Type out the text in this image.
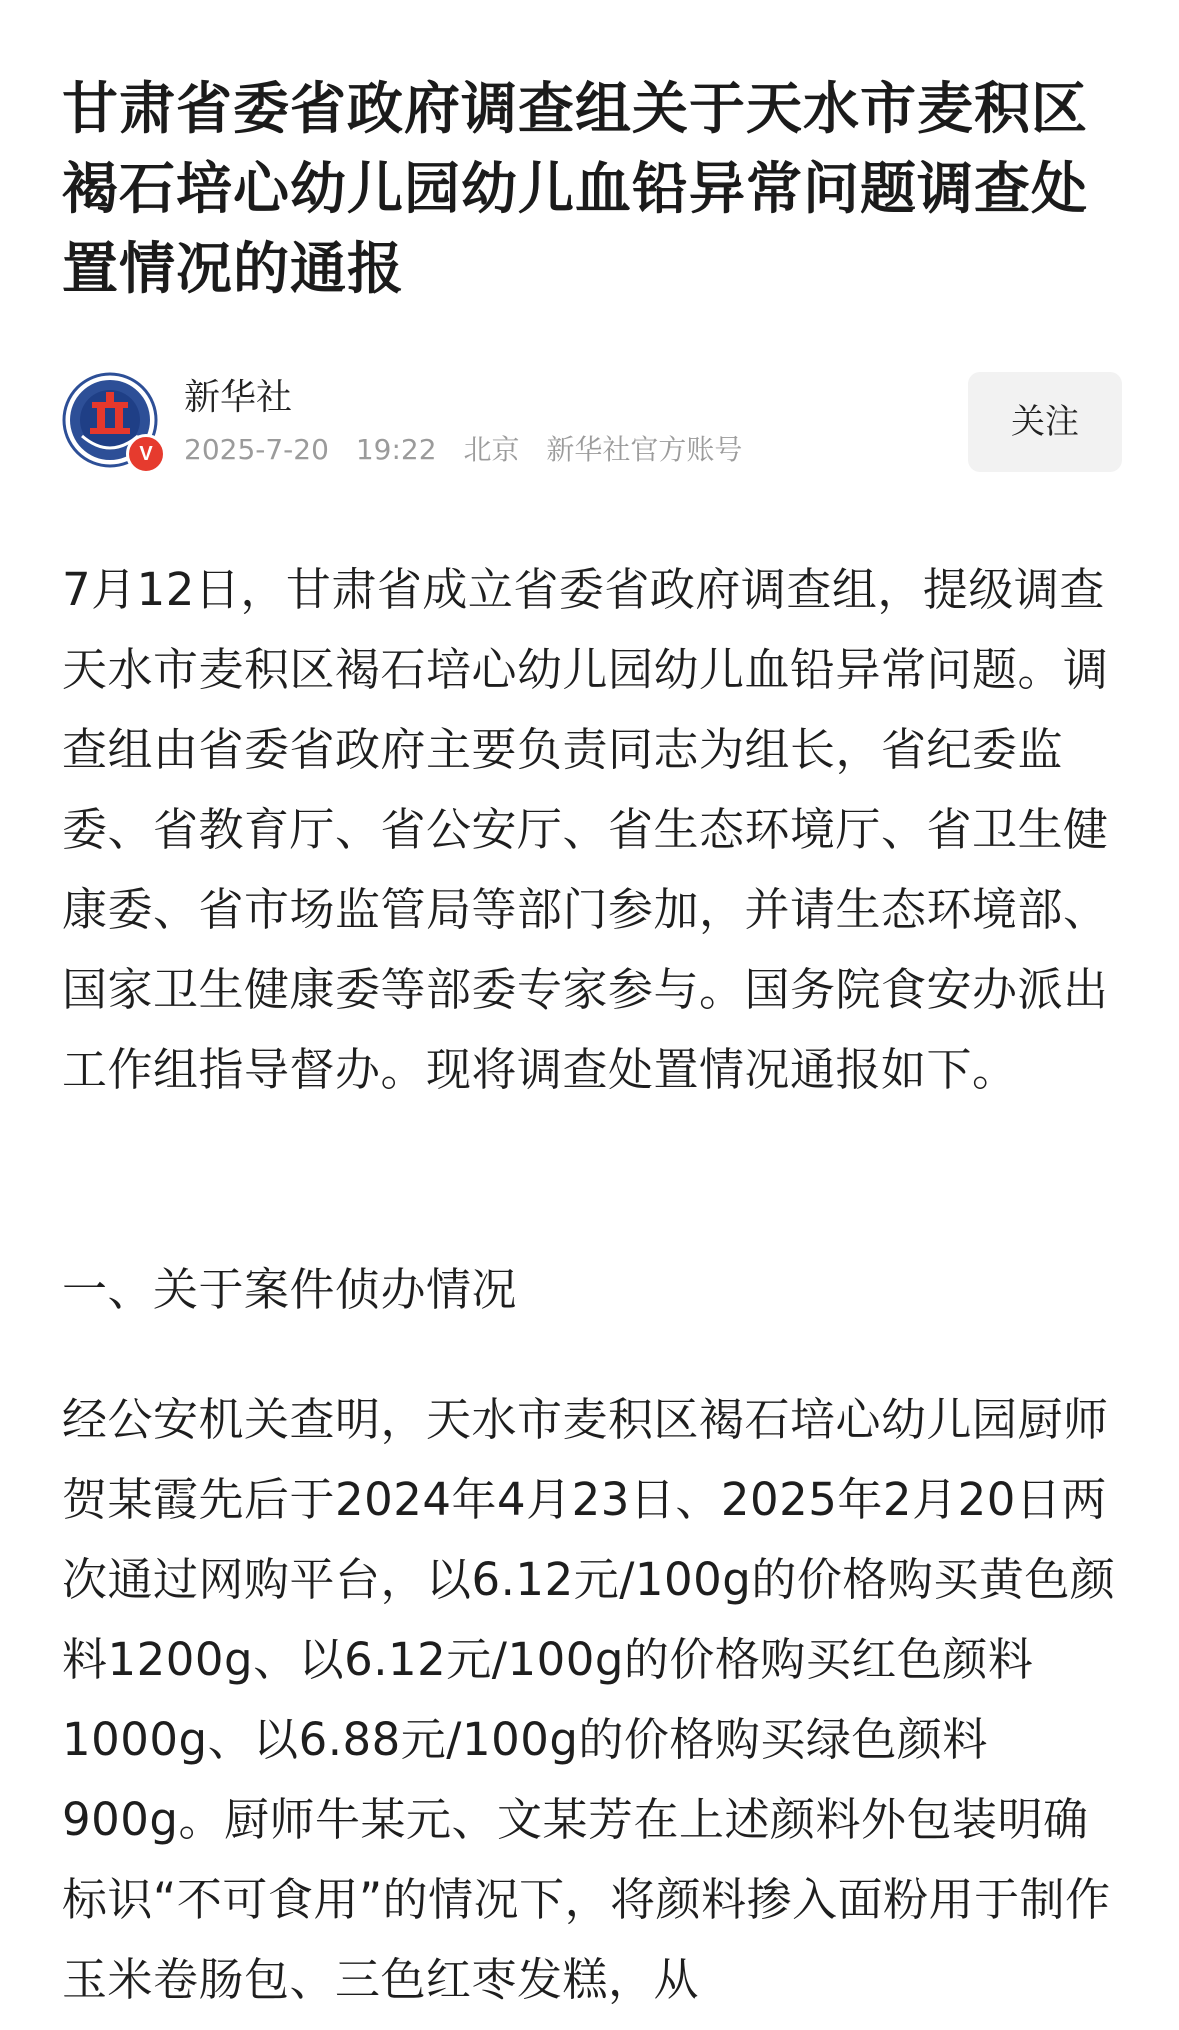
甘肃省委省政府调查组关于天水市麦积区褐石培心幼儿园幼儿血铅异常问题调查处置情况的通报
V
新华社
2025-7-20 19:22 北京 新华社官方账号
关注
7月12日，甘肃省成立省委省政府调查组，提级调查天水市麦积区褐石培心幼儿园幼儿血铅异常问题。调查组由省委省政府主要负责同志为组长，省纪委监委、省教育厅、省公安厅、省生态环境厅、省卫生健康委、省市场监管局等部门参加，并请生态环境部、国家卫生健康委等部委专家参与。国务院食安办派出工作组指导督办。现将调查处置情况通报如下。
一、关于案件侦办情况
经公安机关查明，天水市麦积区褐石培心幼儿园厨师贺某霞先后于2024年4月23日、2025年2月20日两次通过网购平台，以6.12元/100g的价格购买黄色颜料1200g、以6.12元/100g的价格购买红色颜料1000g、以6.88元/100g的价格购买绿色颜料900g。厨师牛某元、文某芳在上述颜料外包装明确标识“不可食用”的情况下，将颜料掺入面粉用于制作玉米卷肠包、三色红枣发糕，从
